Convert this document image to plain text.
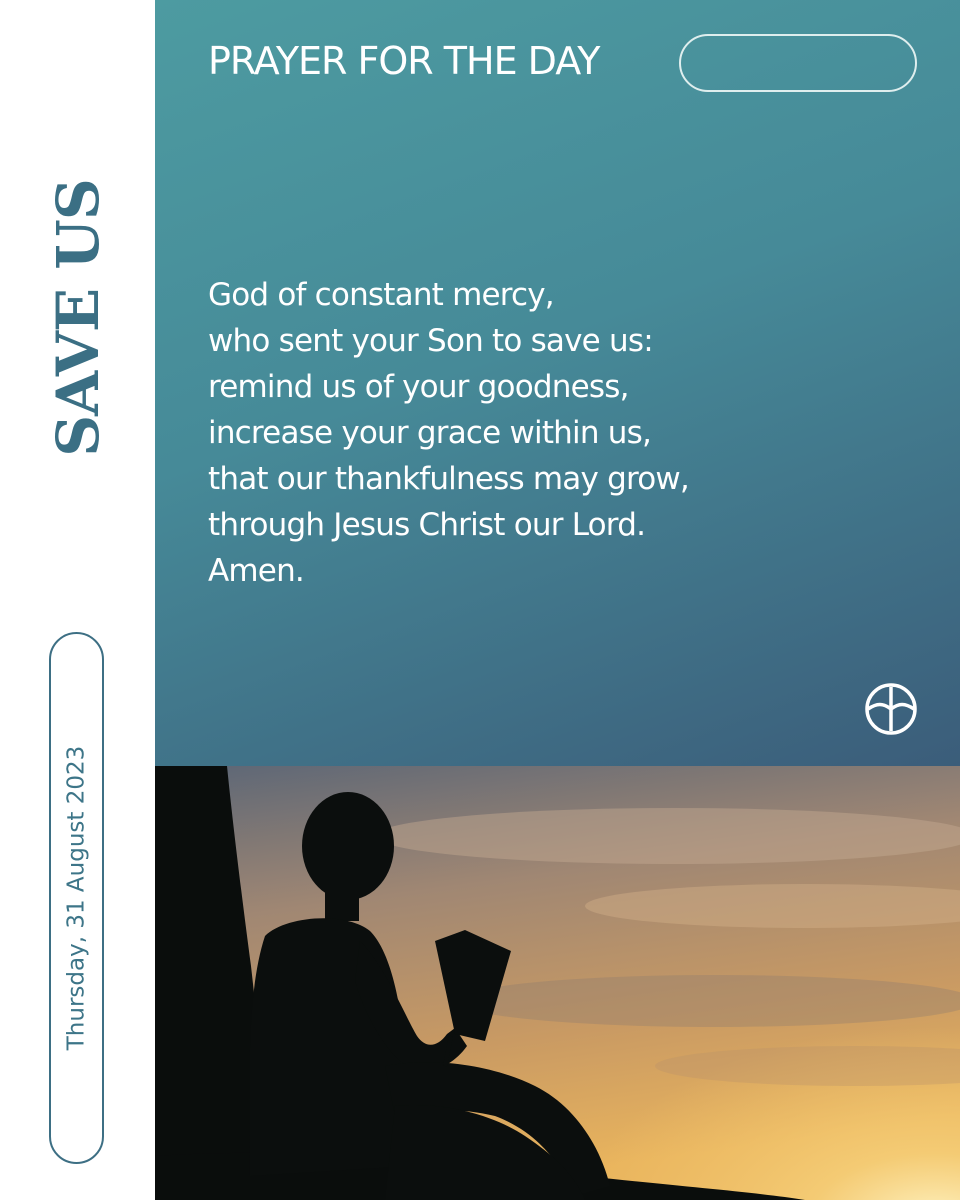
SAVE US
Thursday, 31 August 2023
PRAYER FOR THE DAY
God of constant mercy,
who sent your Son to save us:
remind us of your goodness,
increase your grace within us,
that our thankfulness may grow,
through Jesus Christ our Lord.
Amen.
